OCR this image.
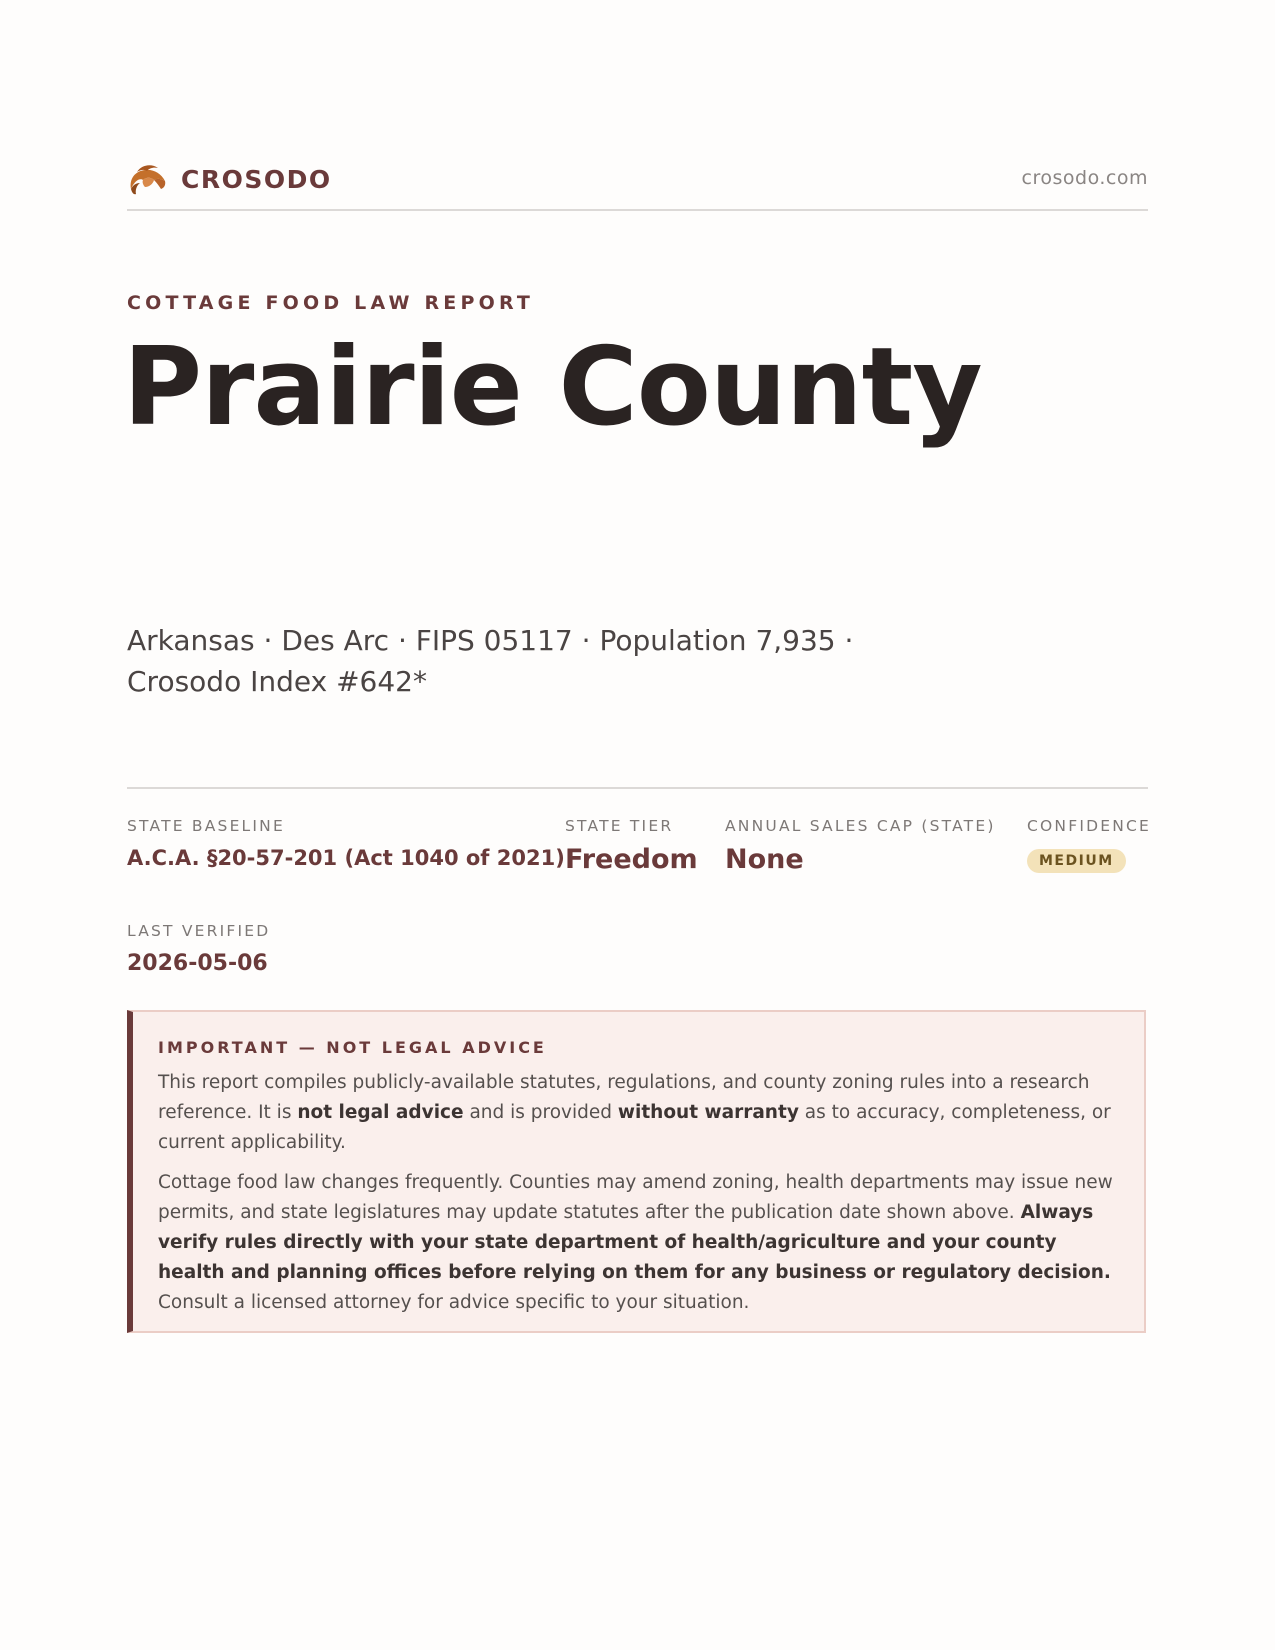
CROSODO	crosodo.com
COTTAGE FOOD LAW REPORT
Prairie County
Arkansas · Des Arc · FIPS 05117 · Population 7,935 · Crosodo Index #642*
STATE BASELINE
A.C.A. §20-57-201 (Act 1040 of 2021)
STATE TIER
Freedom
ANNUAL SALES CAP (STATE)
None
CONFIDENCE
MEDIUM
LAST VERIFIED
2026-05-06
IMPORTANT — NOT LEGAL ADVICE

This report compiles publicly-available statutes, regulations, and county zoning rules into a research reference. It is not legal advice and is provided without warranty as to accuracy, completeness, or current applicability.

Cottage food law changes frequently. Counties may amend zoning, health departments may issue new permits, and state legislatures may update statutes after the publication date shown above. Always verify rules directly with your state department of health/agriculture and your county health and planning offices before relying on them for any business or regulatory decision. Consult a licensed attorney for advice specific to your situation.
